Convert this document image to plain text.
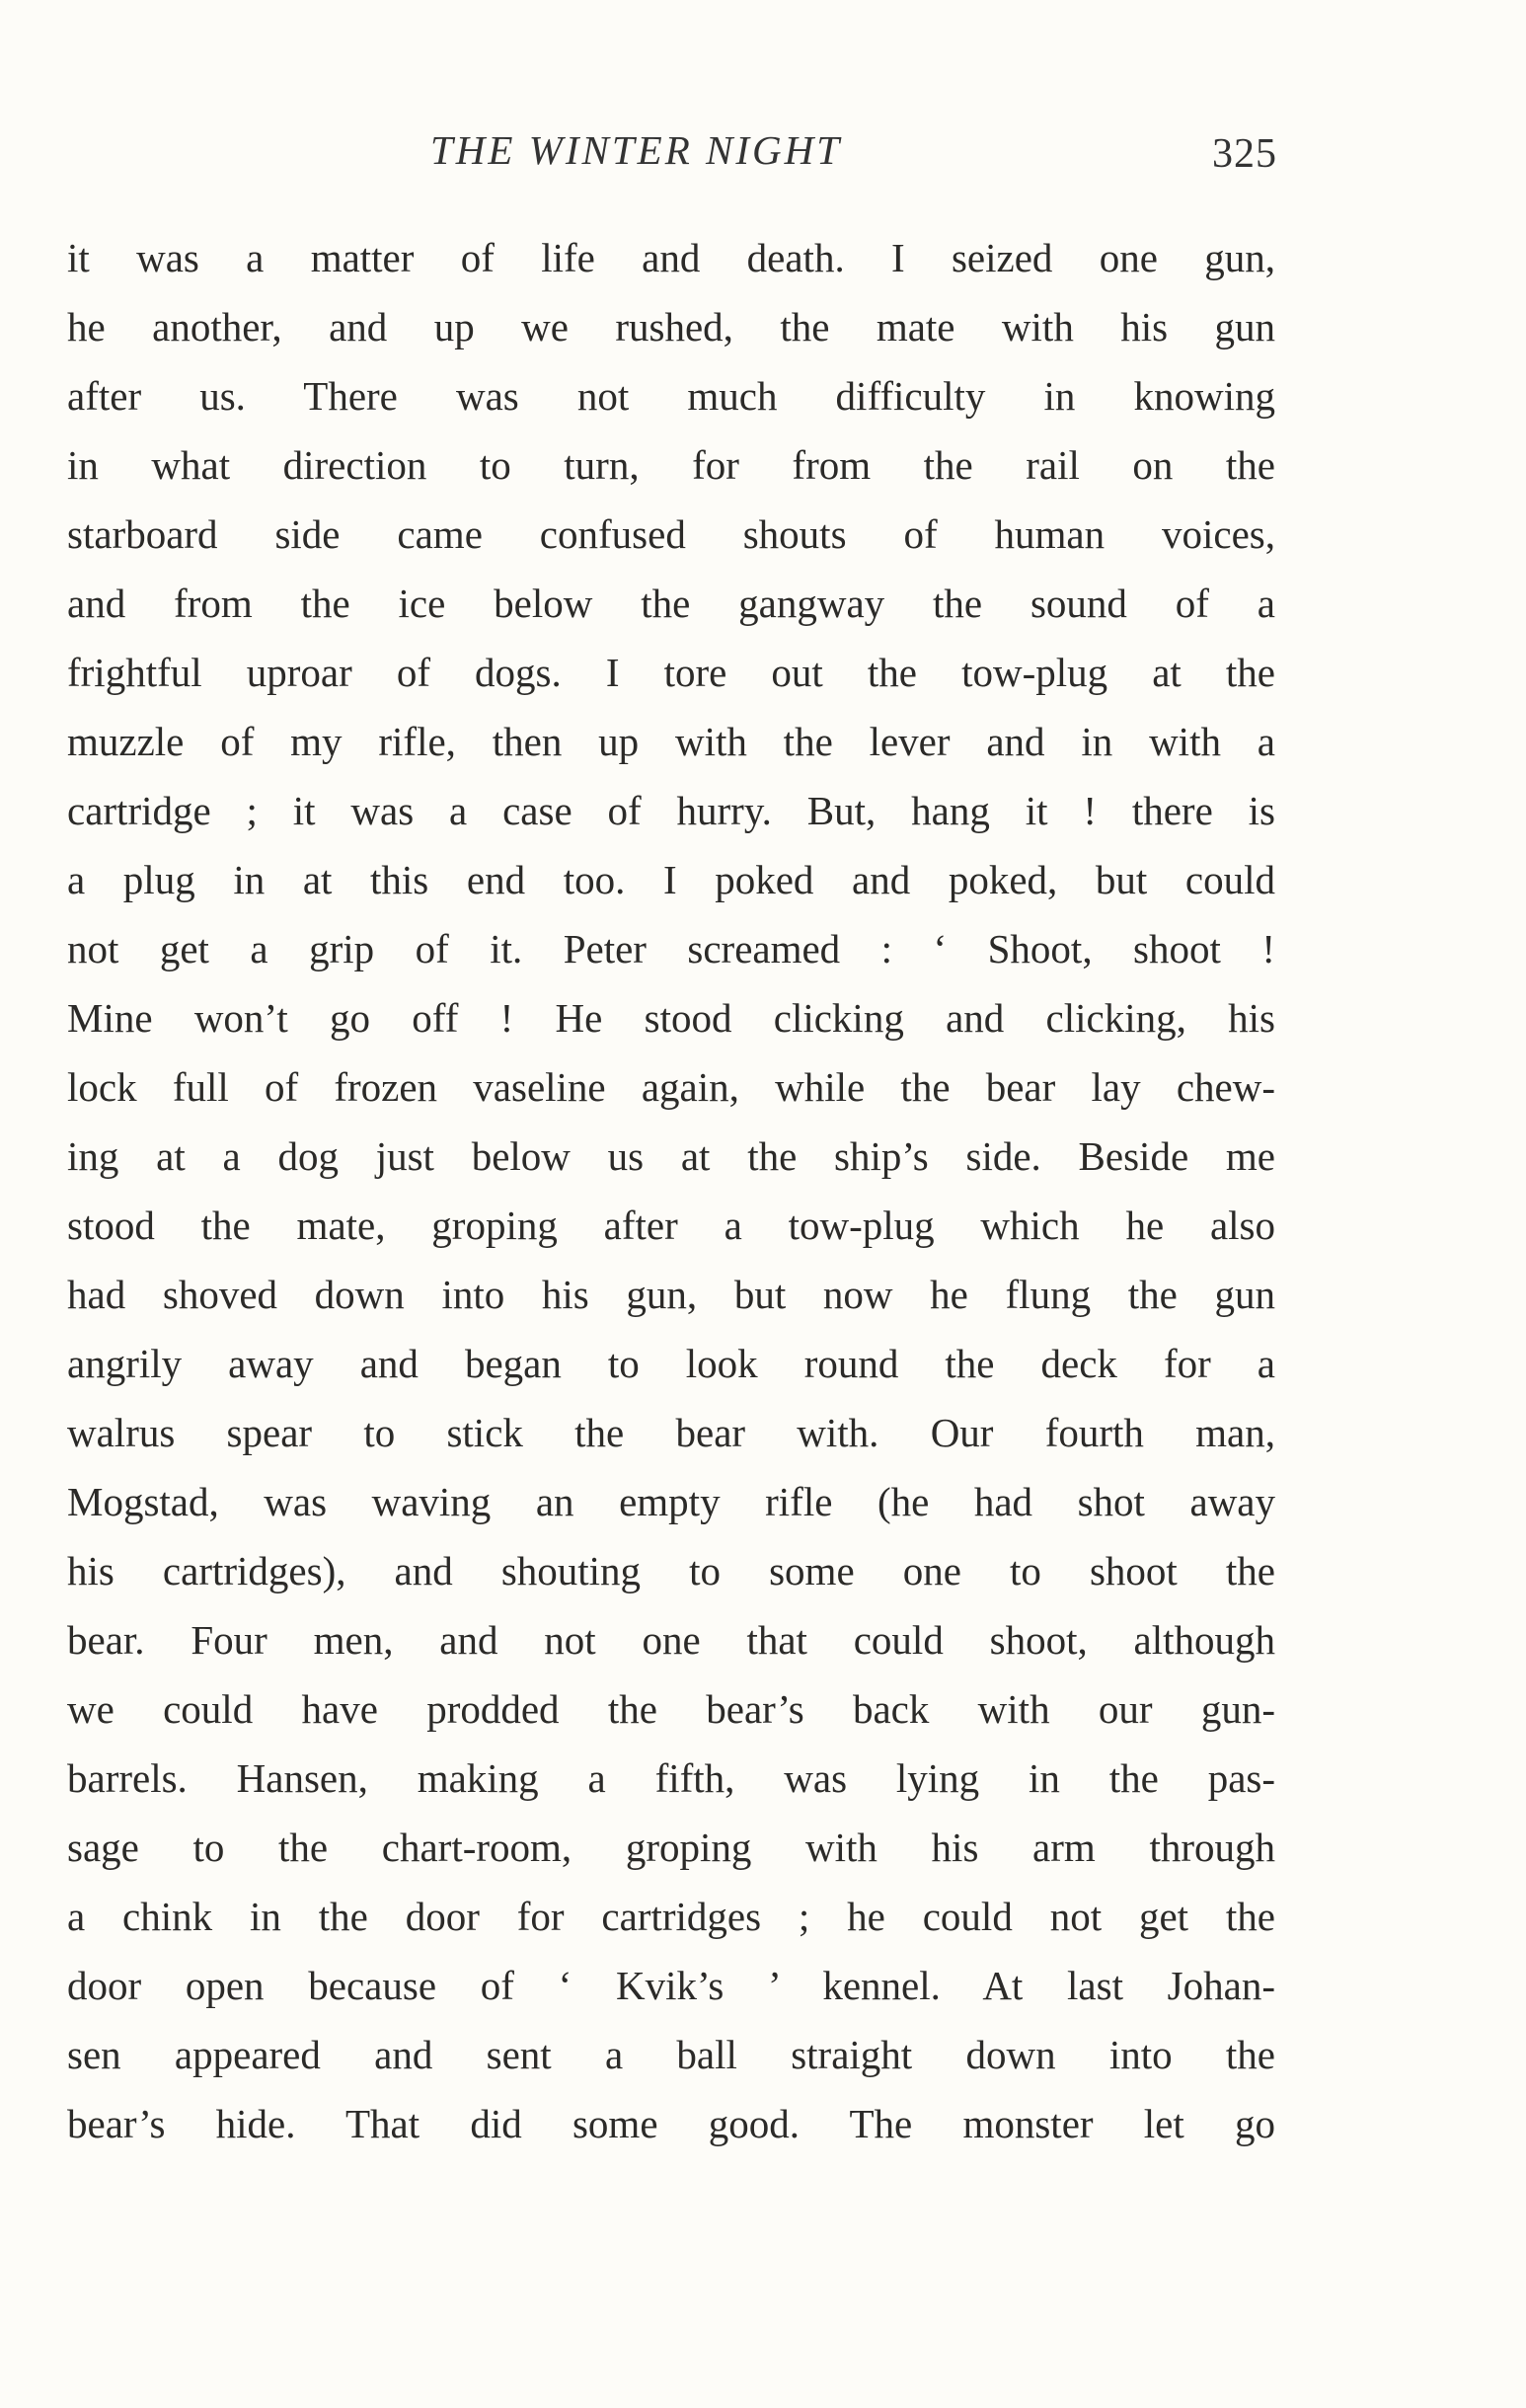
THE WINTER NIGHT	325
it was a matter of life and death. I seized one gun,
he another, and up we rushed, the mate with his gun
after us. There was not much difficulty in knowing
in what direction to turn, for from the rail on the
starboard side came confused shouts of human voices,
and from the ice below the gangway the sound of a
frightful uproar of dogs. I tore out the tow-plug at the
muzzle of my rifle, then up with the lever and in with a
cartridge ; it was a case of hurry. But, hang it ! there is
a plug in at this end too. I poked and poked, but could
not get a grip of it. Peter screamed : ‘ Shoot, shoot !
Mine won’t go off ! He stood clicking and clicking, his
lock full of frozen vaseline again, while the bear lay chew-
ing at a dog just below us at the ship’s side. Beside me
stood the mate, groping after a tow-plug which he also
had shoved down into his gun, but now he flung the gun
angrily away and began to look round the deck for a
walrus spear to stick the bear with. Our fourth man,
Mogstad, was waving an empty rifle (he had shot away
his cartridges), and shouting to some one to shoot the
bear. Four men, and not one that could shoot, although
we could have prodded the bear’s back with our gun-
barrels. Hansen, making a fifth, was lying in the pas-
sage to the chart-room, groping with his arm through
a chink in the door for cartridges ; he could not get the
door open because of ‘ Kvik’s ’ kennel. At last Johan-
sen appeared and sent a ball straight down into the
bear’s hide. That did some good. The monster let go
